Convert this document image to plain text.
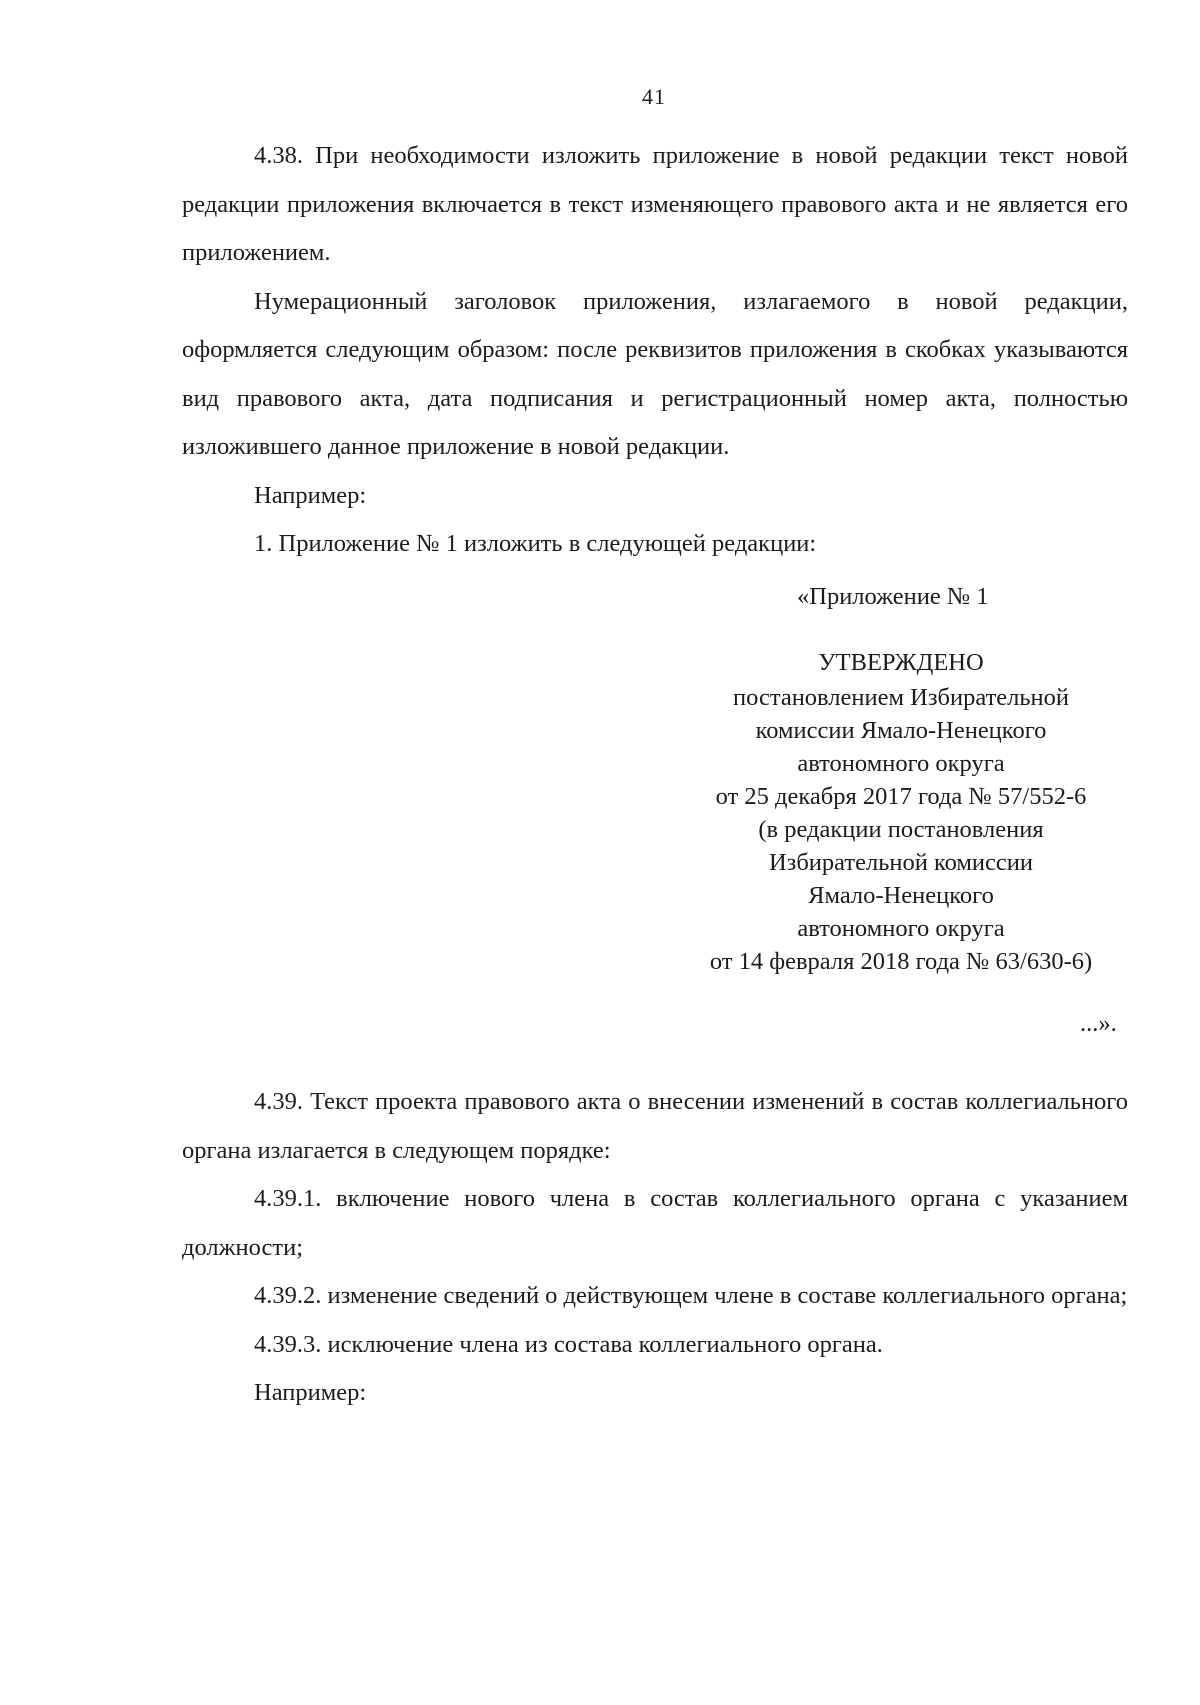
41

4.38. При необходимости изложить приложение в новой редакции текст новой редакции приложения включается в текст изменяющего правового акта и не является его приложением.

Нумерационный заголовок приложения, излагаемого в новой редакции, оформляется следующим образом: после реквизитов приложения в скобках указываются вид правового акта, дата подписания и регистрационный номер акта, полностью изложившего данное приложение в новой редакции.

Например:

1. Приложение № 1 изложить в следующей редакции:

«Приложение № 1
УТВЕРЖДЕНО
постановлением Избирательной
комиссии Ямало-Ненецкого
автономного округа
от 25 декабря 2017 года № 57/552-6
(в редакции постановления
Избирательной комиссии
Ямало-Ненецкого
автономного округа
от 14 февраля 2018 года № 63/630-6)
...».

4.39. Текст проекта правового акта о внесении изменений в состав коллегиального органа излагается в следующем порядке:

4.39.1. включение нового члена в состав коллегиального органа с указанием должности;

4.39.2. изменение сведений о действующем члене в составе коллегиального органа;

4.39.3. исключение члена из состава коллегиального органа.

Например:
